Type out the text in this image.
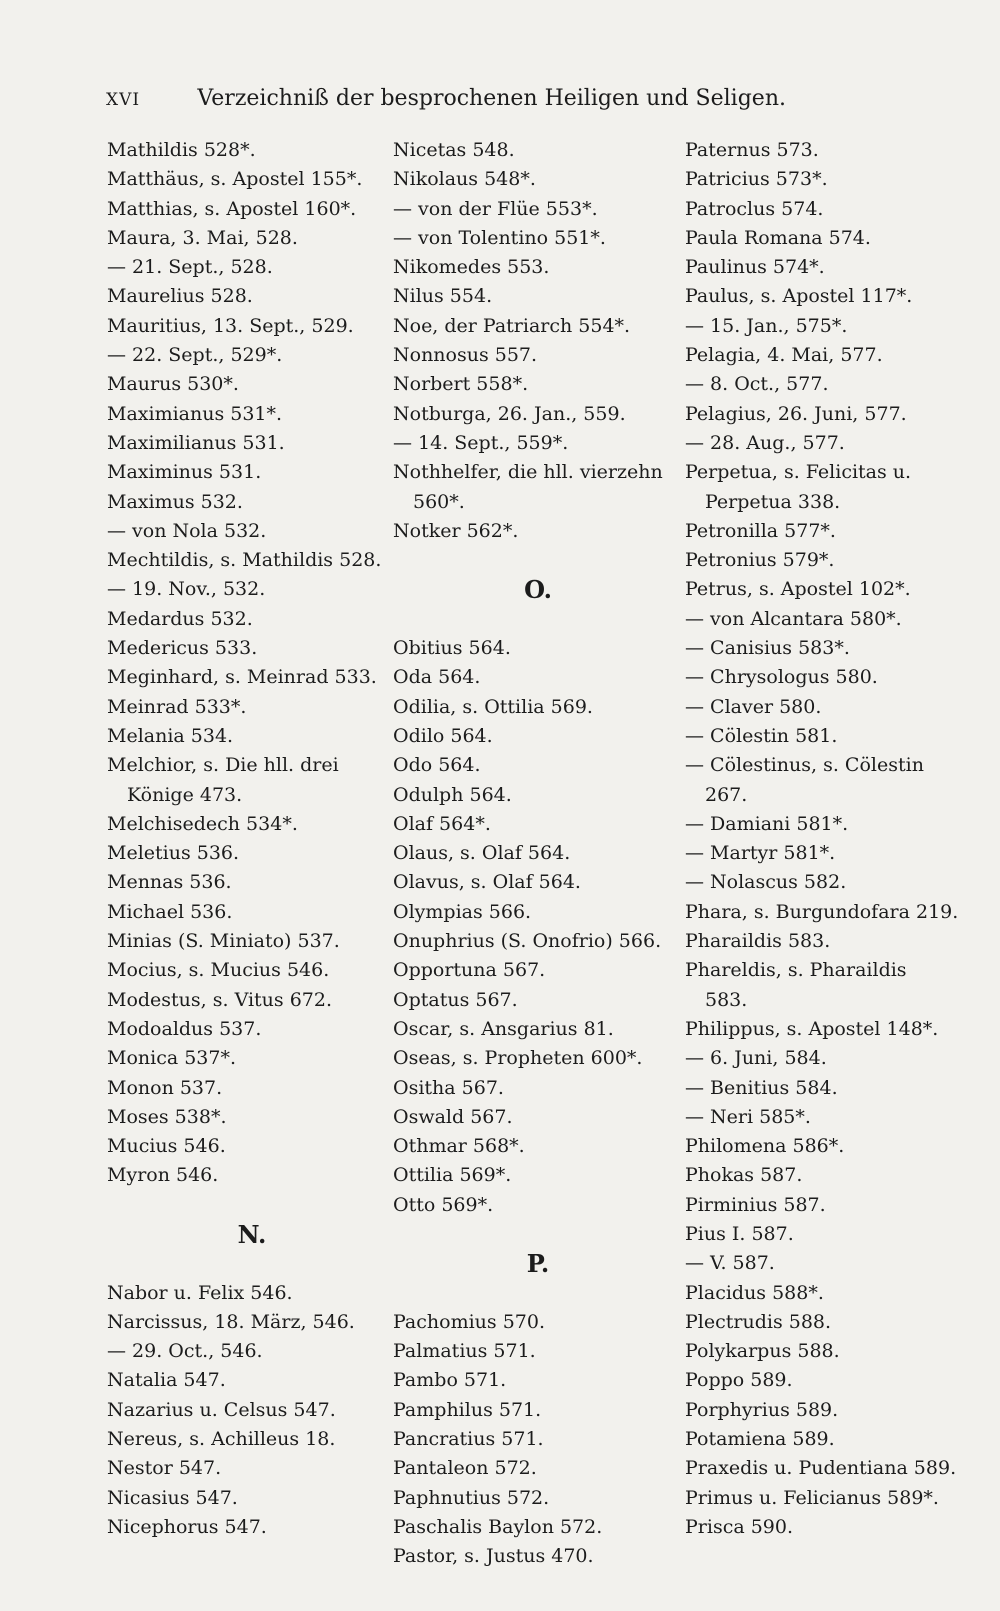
XVI	Verzeichniß der besprochenen Heiligen und Seligen.
Mathildis 528*.
Matthäus, s. Apostel 155*.
Matthias, s. Apostel 160*.
Maura, 3. Mai, 528.
— 21. Sept., 528.
Maurelius 528.
Mauritius, 13. Sept., 529.
— 22. Sept., 529*.
Maurus 530*.
Maximianus 531*.
Maximilianus 531.
Maximinus 531.
Maximus 532.
— von Nola 532.
Mechtildis, s. Mathildis 528.
— 19. Nov., 532.
Medardus 532.
Medericus 533.
Meginhard, s. Meinrad 533.
Meinrad 533*.
Melania 534.
Melchior, s. Die hll. drei
Könige 473.
Melchisedech 534*.
Meletius 536.
Mennas 536.
Michael 536.
Minias (S. Miniato) 537.
Mocius, s. Mucius 546.
Modestus, s. Vitus 672.
Modoaldus 537.
Monica 537*.
Monon 537.
Moses 538*.
Mucius 546.
Myron 546.
N.
Nabor u. Felix 546.
Narcissus, 18. März, 546.
— 29. Oct., 546.
Natalia 547.
Nazarius u. Celsus 547.
Nereus, s. Achilleus 18.
Nestor 547.
Nicasius 547.
Nicephorus 547.
Nicetas 548.
Nikolaus 548*.
— von der Flüe 553*.
— von Tolentino 551*.
Nikomedes 553.
Nilus 554.
Noe, der Patriarch 554*.
Nonnosus 557.
Norbert 558*.
Notburga, 26. Jan., 559.
— 14. Sept., 559*.
Nothhelfer, die hll. vierzehn
560*.
Notker 562*.
O.
Obitius 564.
Oda 564.
Odilia, s. Ottilia 569.
Odilo 564.
Odo 564.
Odulph 564.
Olaf 564*.
Olaus, s. Olaf 564.
Olavus, s. Olaf 564.
Olympias 566.
Onuphrius (S. Onofrio) 566.
Opportuna 567.
Optatus 567.
Oscar, s. Ansgarius 81.
Oseas, s. Propheten 600*.
Ositha 567.
Oswald 567.
Othmar 568*.
Ottilia 569*.
Otto 569*.
P.
Pachomius 570.
Palmatius 571.
Pambo 571.
Pamphilus 571.
Pancratius 571.
Pantaleon 572.
Paphnutius 572.
Paschalis Baylon 572.
Pastor, s. Justus 470.
Paternus 573.
Patricius 573*.
Patroclus 574.
Paula Romana 574.
Paulinus 574*.
Paulus, s. Apostel 117*.
— 15. Jan., 575*.
Pelagia, 4. Mai, 577.
— 8. Oct., 577.
Pelagius, 26. Juni, 577.
— 28. Aug., 577.
Perpetua, s. Felicitas u.
Perpetua 338.
Petronilla 577*.
Petronius 579*.
Petrus, s. Apostel 102*.
— von Alcantara 580*.
— Canisius 583*.
— Chrysologus 580.
— Claver 580.
— Cölestin 581.
— Cölestinus, s. Cölestin
267.
— Damiani 581*.
— Martyr 581*.
— Nolascus 582.
Phara, s. Burgundofara 219.
Pharaildis 583.
Phareldis, s. Pharaildis
583.
Philippus, s. Apostel 148*.
— 6. Juni, 584.
— Benitius 584.
— Neri 585*.
Philomena 586*.
Phokas 587.
Pirminius 587.
Pius I. 587.
— V. 587.
Placidus 588*.
Plectrudis 588.
Polykarpus 588.
Poppo 589.
Porphyrius 589.
Potamiena 589.
Praxedis u. Pudentiana 589.
Primus u. Felicianus 589*.
Prisca 590.
